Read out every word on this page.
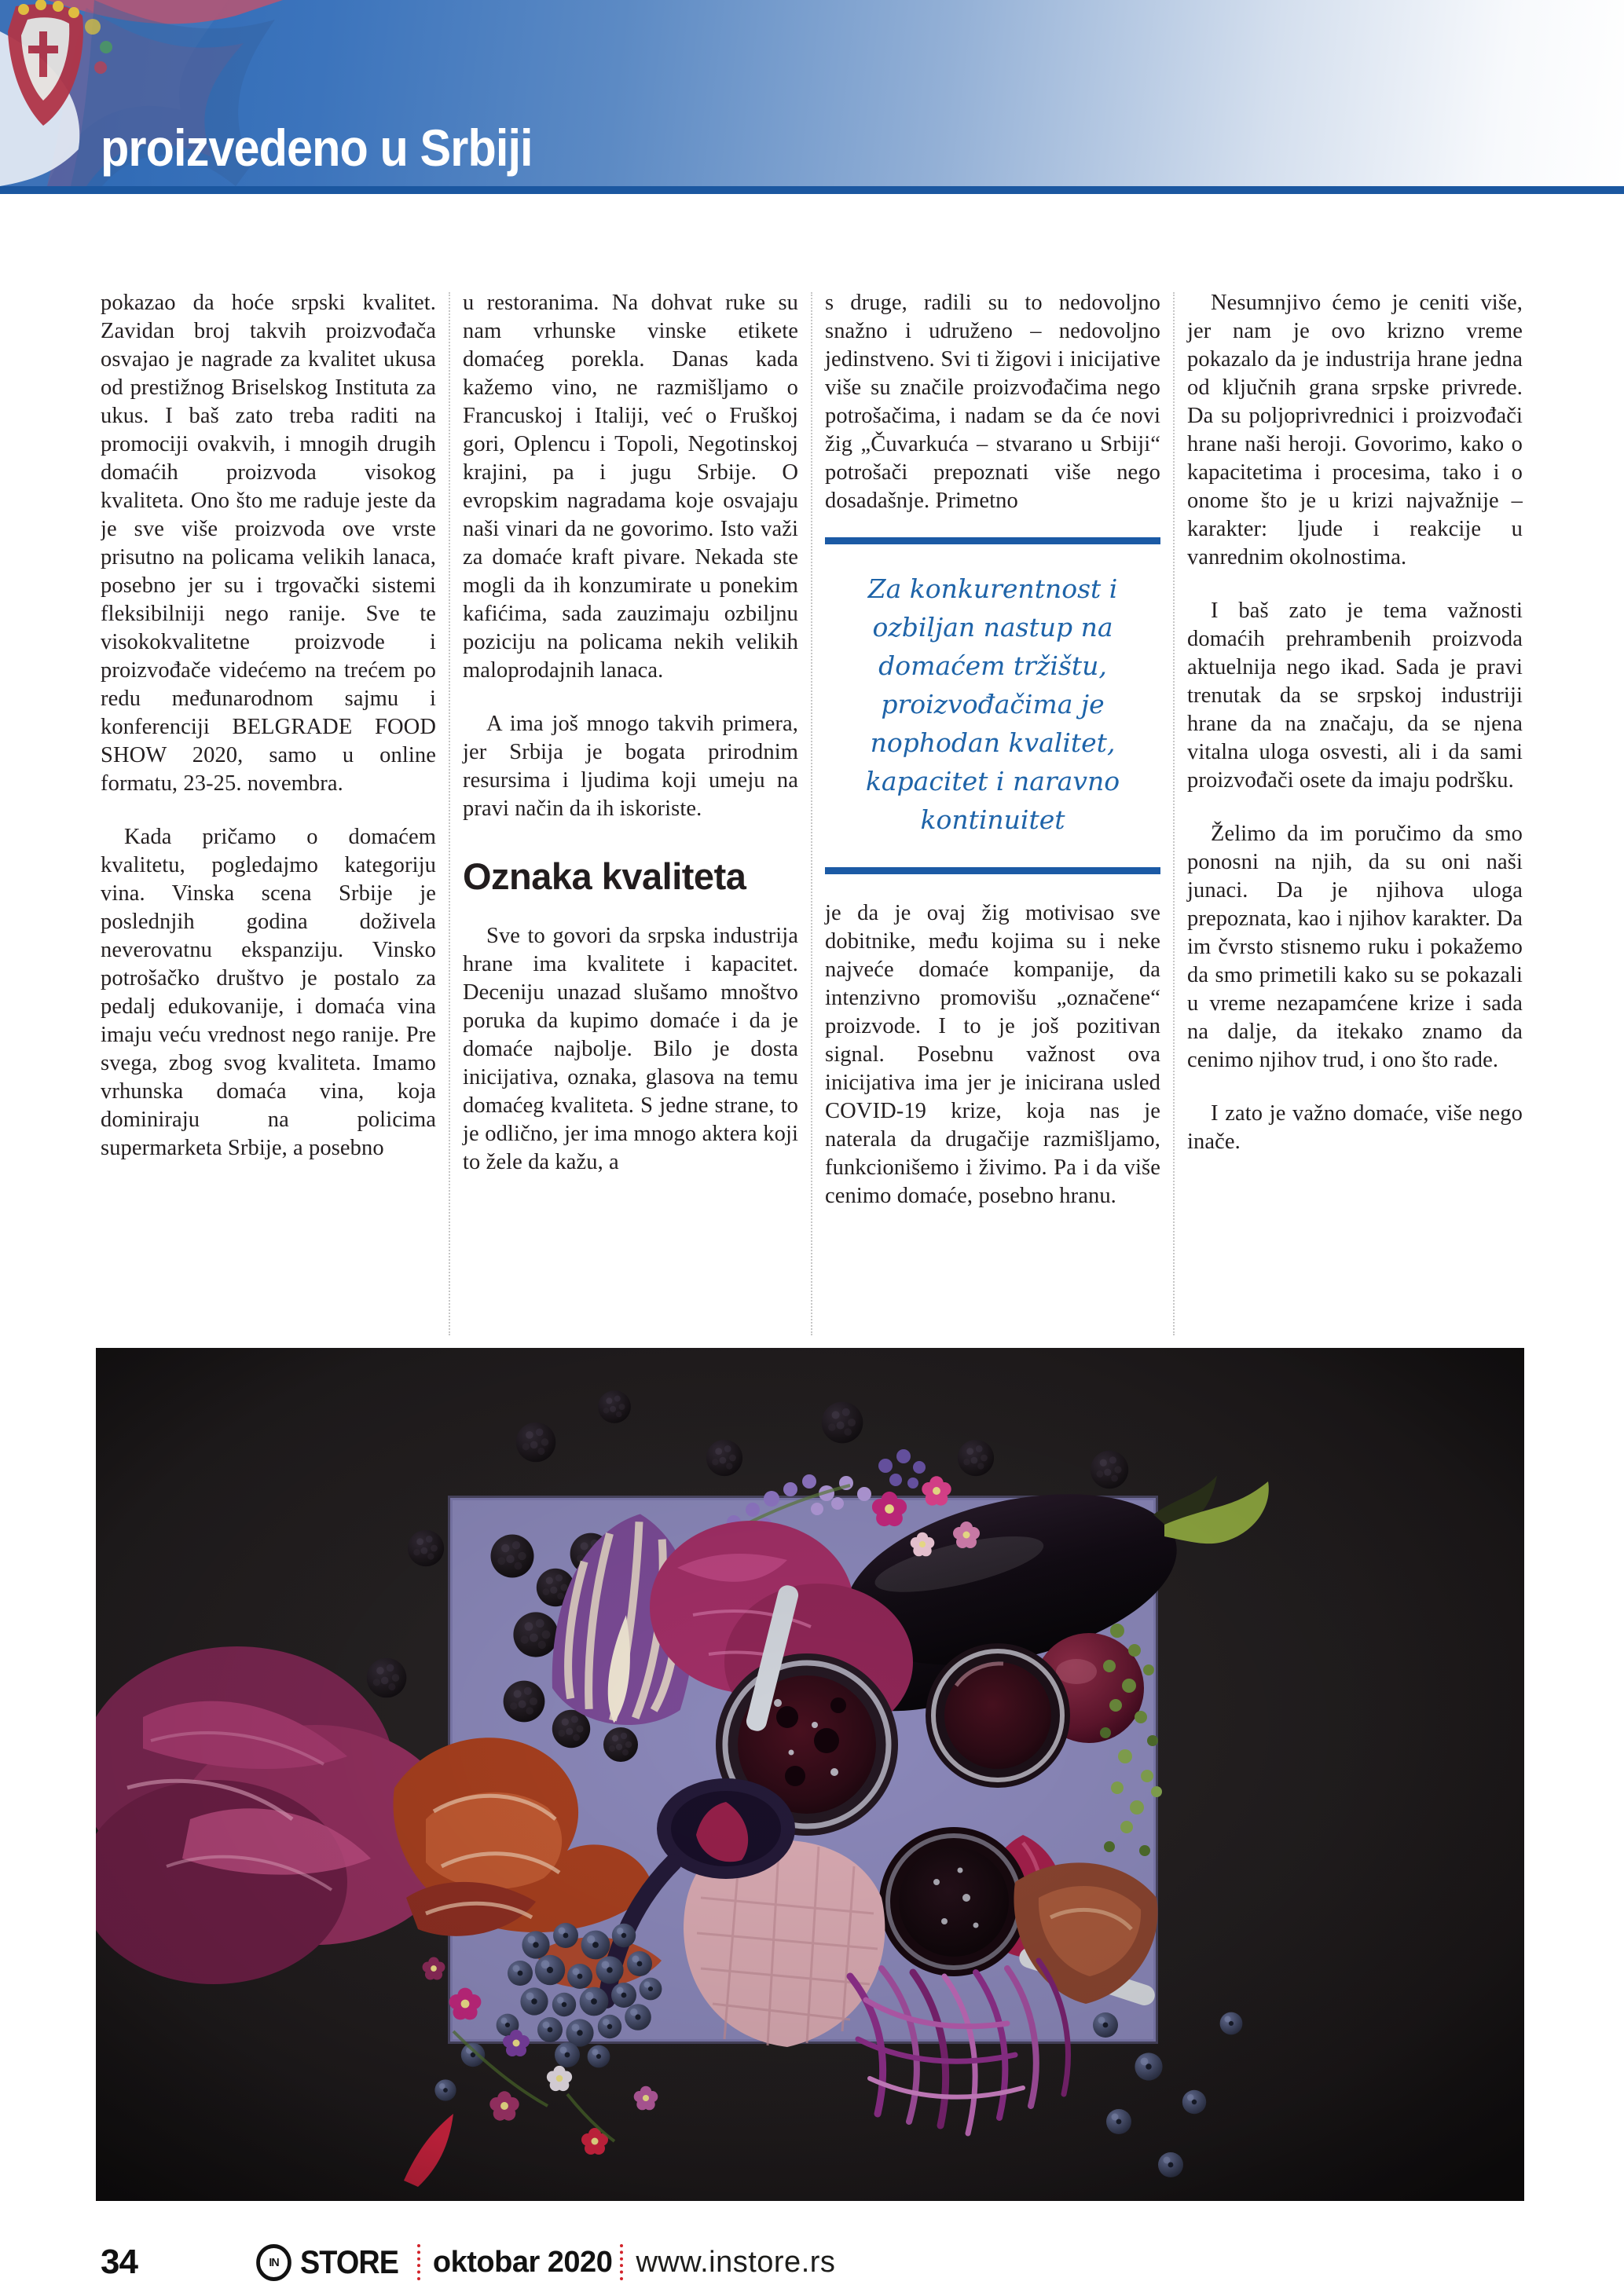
proizvedeno u Srbiji

pokazao da hoće srpski kvalitet. Zavidan broj takvih proizvođača osvajao je nagrade za kvalitet ukusa od prestižnog Briselskog Instituta za ukus. I baš zato treba raditi na promociji ovakvih, i mnogih drugih domaćih proizvoda visokog kvaliteta. Ono što me raduje jeste da je sve više proizvoda ove vrste prisutno na policama velikih lanaca, posebno jer su i trgovački sistemi fleksibilniji nego ranije. Sve te visokokvalitetne proizvode i proizvođače videćemo na trećem po redu međunarodnom sajmu i konferenciji BELGRADE FOOD SHOW 2020, samo u online formatu, 23-25. novembra.

Kada pričamo o domaćem kvalitetu, pogledajmo kategoriju vina. Vinska scena Srbije je poslednjih godina doživela neverovatnu ekspanziju. Vinsko potrošačko društvo je postalo za pedalj edukovanije, i domaća vina imaju veću vrednost nego ranije. Pre svega, zbog svog kvaliteta. Imamo vrhunska domaća vina, koja dominiraju na policima supermarketa Srbije, a posebno

u restoranima. Na dohvat ruke su nam vrhunske vinske etikete domaćeg porekla. Danas kada kažemo vino, ne razmišljamo o Francuskoj i Italiji, već o Fruškoj gori, Oplencu i Topoli, Negotinskoj krajini, pa i jugu Srbije. O evropskim nagradama koje osvajaju naši vinari da ne govorimo. Isto važi za domaće kraft pivare. Nekada ste mogli da ih konzumirate u ponekim kafićima, sada zauzimaju ozbiljnu poziciju na policama nekih velikih maloprodajnih lanaca.

A ima još mnogo takvih primera, jer Srbija je bogata prirodnim resursima i ljudima koji umeju na pravi način da ih iskoriste.

Oznaka kvaliteta

Sve to govori da srpska industrija hrane ima kvalitete i kapacitet. Deceniju unazad slušamo mnoštvo poruka da kupimo domaće i da je domaće najbolje. Bilo je dosta inicijativa, oznaka, glasova na temu domaćeg kvaliteta. S jedne strane, to je odlično, jer ima mnogo aktera koji to žele da kažu, a

s druge, radili su to nedovoljno snažno i udruženo – nedovoljno jedinstveno. Svi ti žigovi i inicijative više su značile proizvođačima nego potrošačima, i nadam se da će novi žig „Čuvarkuća – stvarano u Srbiji“ potrošači prepoznati više nego dosadašnje. Primetno

Za konkurentnost i ozbiljan nastup na domaćem tržištu, proizvođačima je nophodan kvalitet, kapacitet i naravno kontinuitet

je da je ovaj žig motivisao sve dobitnike, među kojima su i neke najveće domaće kompanije, da intenzivno promovišu „označene“ proizvode. I to je još pozitivan signal. Posebnu važnost ova inicijativa ima jer je inicirana usled COVID-19 krize, koja nas je naterala da drugačije razmišljamo, funkcionišemo i živimo. Pa i da više cenimo domaće, posebno hranu.

Nesumnjivo ćemo je ceniti više, jer nam je ovo krizno vreme pokazalo da je industrija hrane jedna od ključnih grana srpske privrede. Da su poljoprivrednici i proizvođači hrane naši heroji. Govorimo, kako o kapacitetima i procesima, tako i o onome što je u krizi najvažnije – karakter: ljude i reakcije u vanrednim okolnostima.

I baš zato je tema važnosti domaćih prehrambenih proizvoda aktuelnija nego ikad. Sada je pravi trenutak da se srpskoj industriji hrane da na značaju, da se njena vitalna uloga osvesti, ali i da sami proizvođači osete da imaju podršku.

Želimo da im poručimo da smo ponosni na njih, da su oni naši junaci. Da je njihova uloga prepoznata, kao i njihov karakter. Da im čvrsto stisnemo ruku i pokažemo da smo primetili kako su se pokazali u vreme nezapamćene krize i sada na dalje, da itekako znamo da cenimo njihov trud, i ono što rade.

I zato je važno domaće, više nego inače.

34	IN STORE oktobar 2020 www.instore.rs
